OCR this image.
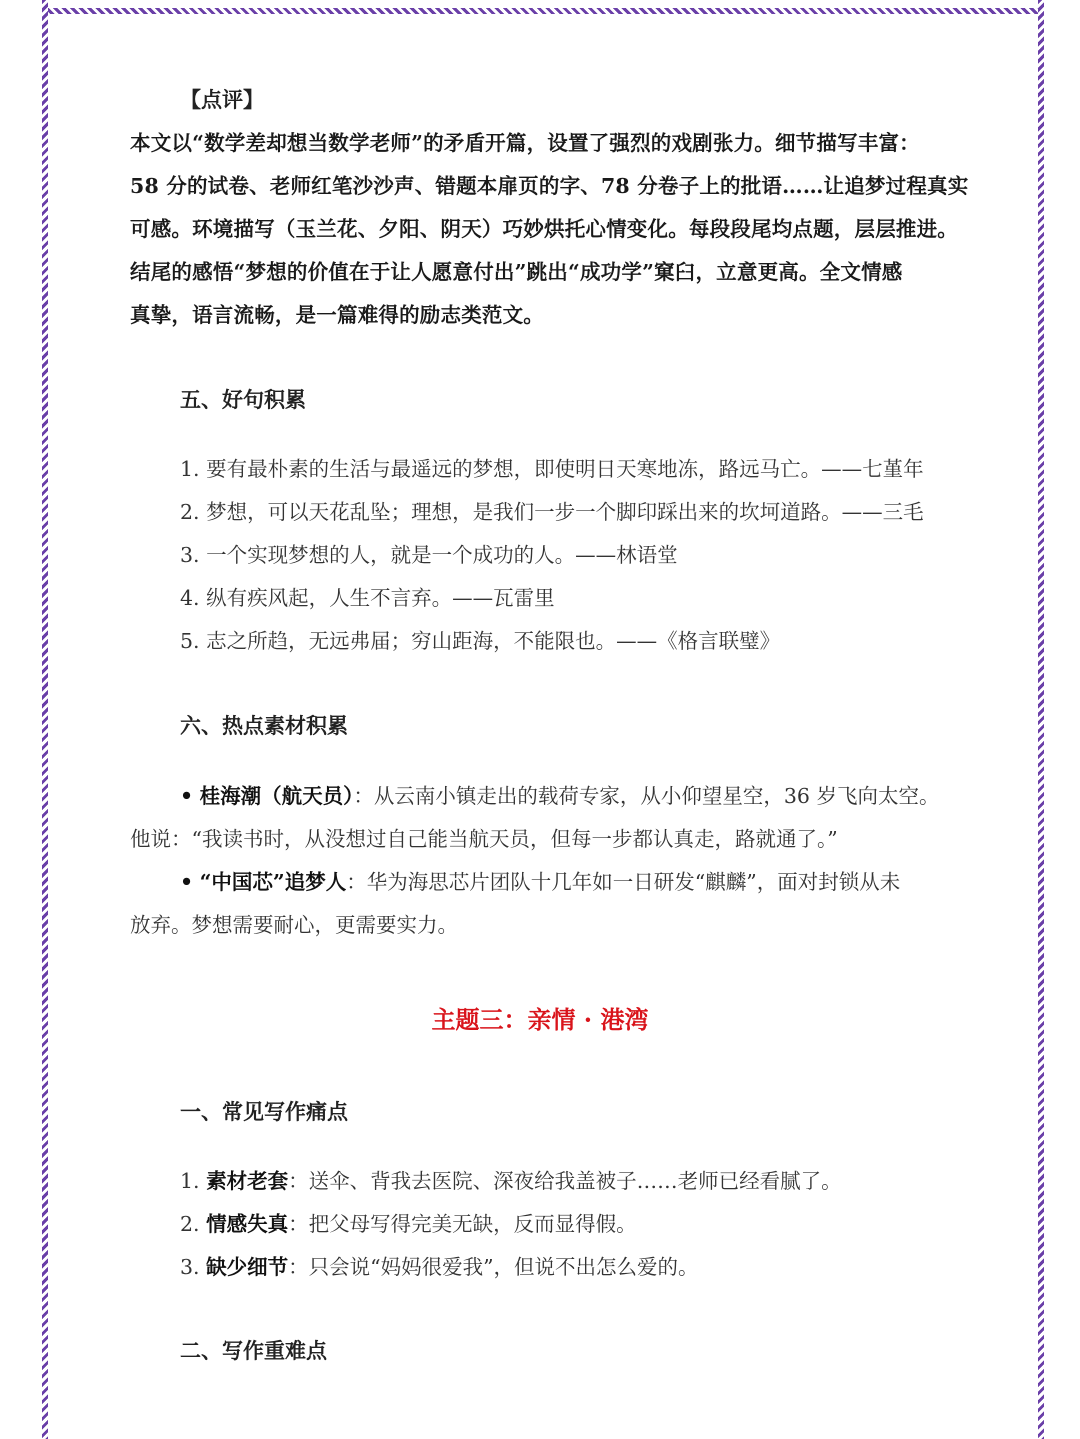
【点评】
本文以“数学差却想当数学老师”的矛盾开篇，设置了强烈的戏剧张力。细节描写丰富：
58 分的试卷、老师红笔沙沙声、错题本扉页的字、78 分卷子上的批语……让追梦过程真实
可感。环境描写（玉兰花、夕阳、阴天）巧妙烘托心情变化。每段段尾均点题，层层推进。
结尾的感悟“梦想的价值在于让人愿意付出”跳出“成功学”窠臼，立意更高。全文情感
真挚，语言流畅，是一篇难得的励志类范文。
五、好句积累
1. 要有最朴素的生活与最遥远的梦想，即使明日天寒地冻，路远马亡。——七堇年
2. 梦想，可以天花乱坠；理想，是我们一步一个脚印踩出来的坎坷道路。——三毛
3. 一个实现梦想的人，就是一个成功的人。——林语堂
4. 纵有疾风起，人生不言弃。——瓦雷里
5. 志之所趋，无远弗届；穷山距海，不能限也。——《格言联璧》
六、热点素材积累
• 桂海潮（航天员）：从云南小镇走出的载荷专家，从小仰望星空，36 岁飞向太空。
他说：“我读书时，从没想过自己能当航天员，但每一步都认真走，路就通了。”
• “中国芯”追梦人：华为海思芯片团队十几年如一日研发“麒麟”，面对封锁从未
放弃。梦想需要耐心，更需要实力。
主题三：亲情 · 港湾
一、常见写作痛点
1. 素材老套：送伞、背我去医院、深夜给我盖被子……老师已经看腻了。
2. 情感失真：把父母写得完美无缺，反而显得假。
3. 缺少细节：只会说“妈妈很爱我”，但说不出怎么爱的。
二、写作重难点
